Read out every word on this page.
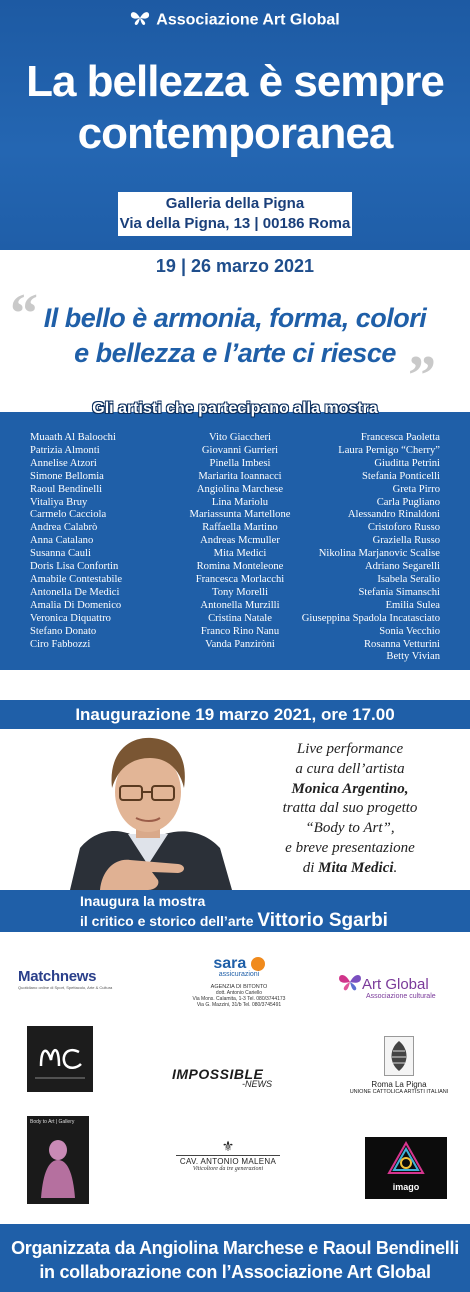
Associazione Art Global
La bellezza è sempre
contemporanea
Galleria della Pigna
Via della Pigna, 13 | 00186 Roma
19 | 26 marzo 2021
“ Il bello è armonia, forma, colori
e bellezza e l’arte ci riesce ”
Gli artisti che partecipano alla mostra
Muaath Al Baloochi
Patrizia Almonti
Annelise Atzori
Simone Bellomia
Raoul Bendinelli
Vitaliya Bruy
Carmelo Cacciola
Andrea Calabrò
Anna Catalano
Susanna Cauli
Doris Lisa Confortin
Amabile Contestabile
Antonella De Medici
Amalia Di Domenico
Veronica Diquattro
Stefano Donato
Ciro Fabbozzi
Vito Giaccheri
Giovanni Gurrieri
Pinella Imbesi
Mariarita Ioannacci
Angiolina Marchese
Lina Mariolu
Mariassunta Martellone
Raffaella Martino
Andreas Mcmuller
Mita Medici
Romina Monteleone
Francesca Morlacchi
Tony Morelli
Antonella Murzilli
Cristina Natale
Franco Rino Nanu
Vanda Panziròni
Francesca Paoletta
Laura Pernigo “Cherry”
Giuditta Petrini
Stefania Ponticelli
Greta Pirro
Carla Pugliano
Alessandro Rinaldoni
Cristoforo Russo
Graziella Russo
Nikolina Marjanovic Scalise
Adriano Segarelli
Isabela Seralio
Stefania Simanschi
Emilia Sulea
Giuseppina Spadola Incatasciato
Sonia Vecchio
Rosanna Vetturini
Betty Vivian
Inaugurazione 19 marzo 2021, ore 17.00
Live performance
a cura dell’artista
Monica Argentino,
tratta dal suo progetto
“Body to Art”,
e breve presentazione
di Mita Medici.
Inaugura la mostra
il critico e storico dell’arte Vittorio Sgarbi
Matchnews
Quotidiano online di Sport, Spettacolo, Arte & Cultura
sara
assicurazioni
AGENZIA DI BITONTO
dott. Antonio Cariello
Via Mons. Calamita, 1-3 Tel. 080/3744173
Via G. Mazzini, 31/b Tel. 080/3745491
Art Global
Associazione culturale
IMPOSSIBLE
-NEWS	Roma La Pigna
UNIONE CATTOLICA ARTISTI ITALIANI
Body to Art | Gallery
⚜
CAV. ANTONIO MALENA
Viticoltore da tre generazioni
imago
Organizzata da Angiolina Marchese e Raoul Bendinelli
in collaborazione con l’Associazione Art Global
